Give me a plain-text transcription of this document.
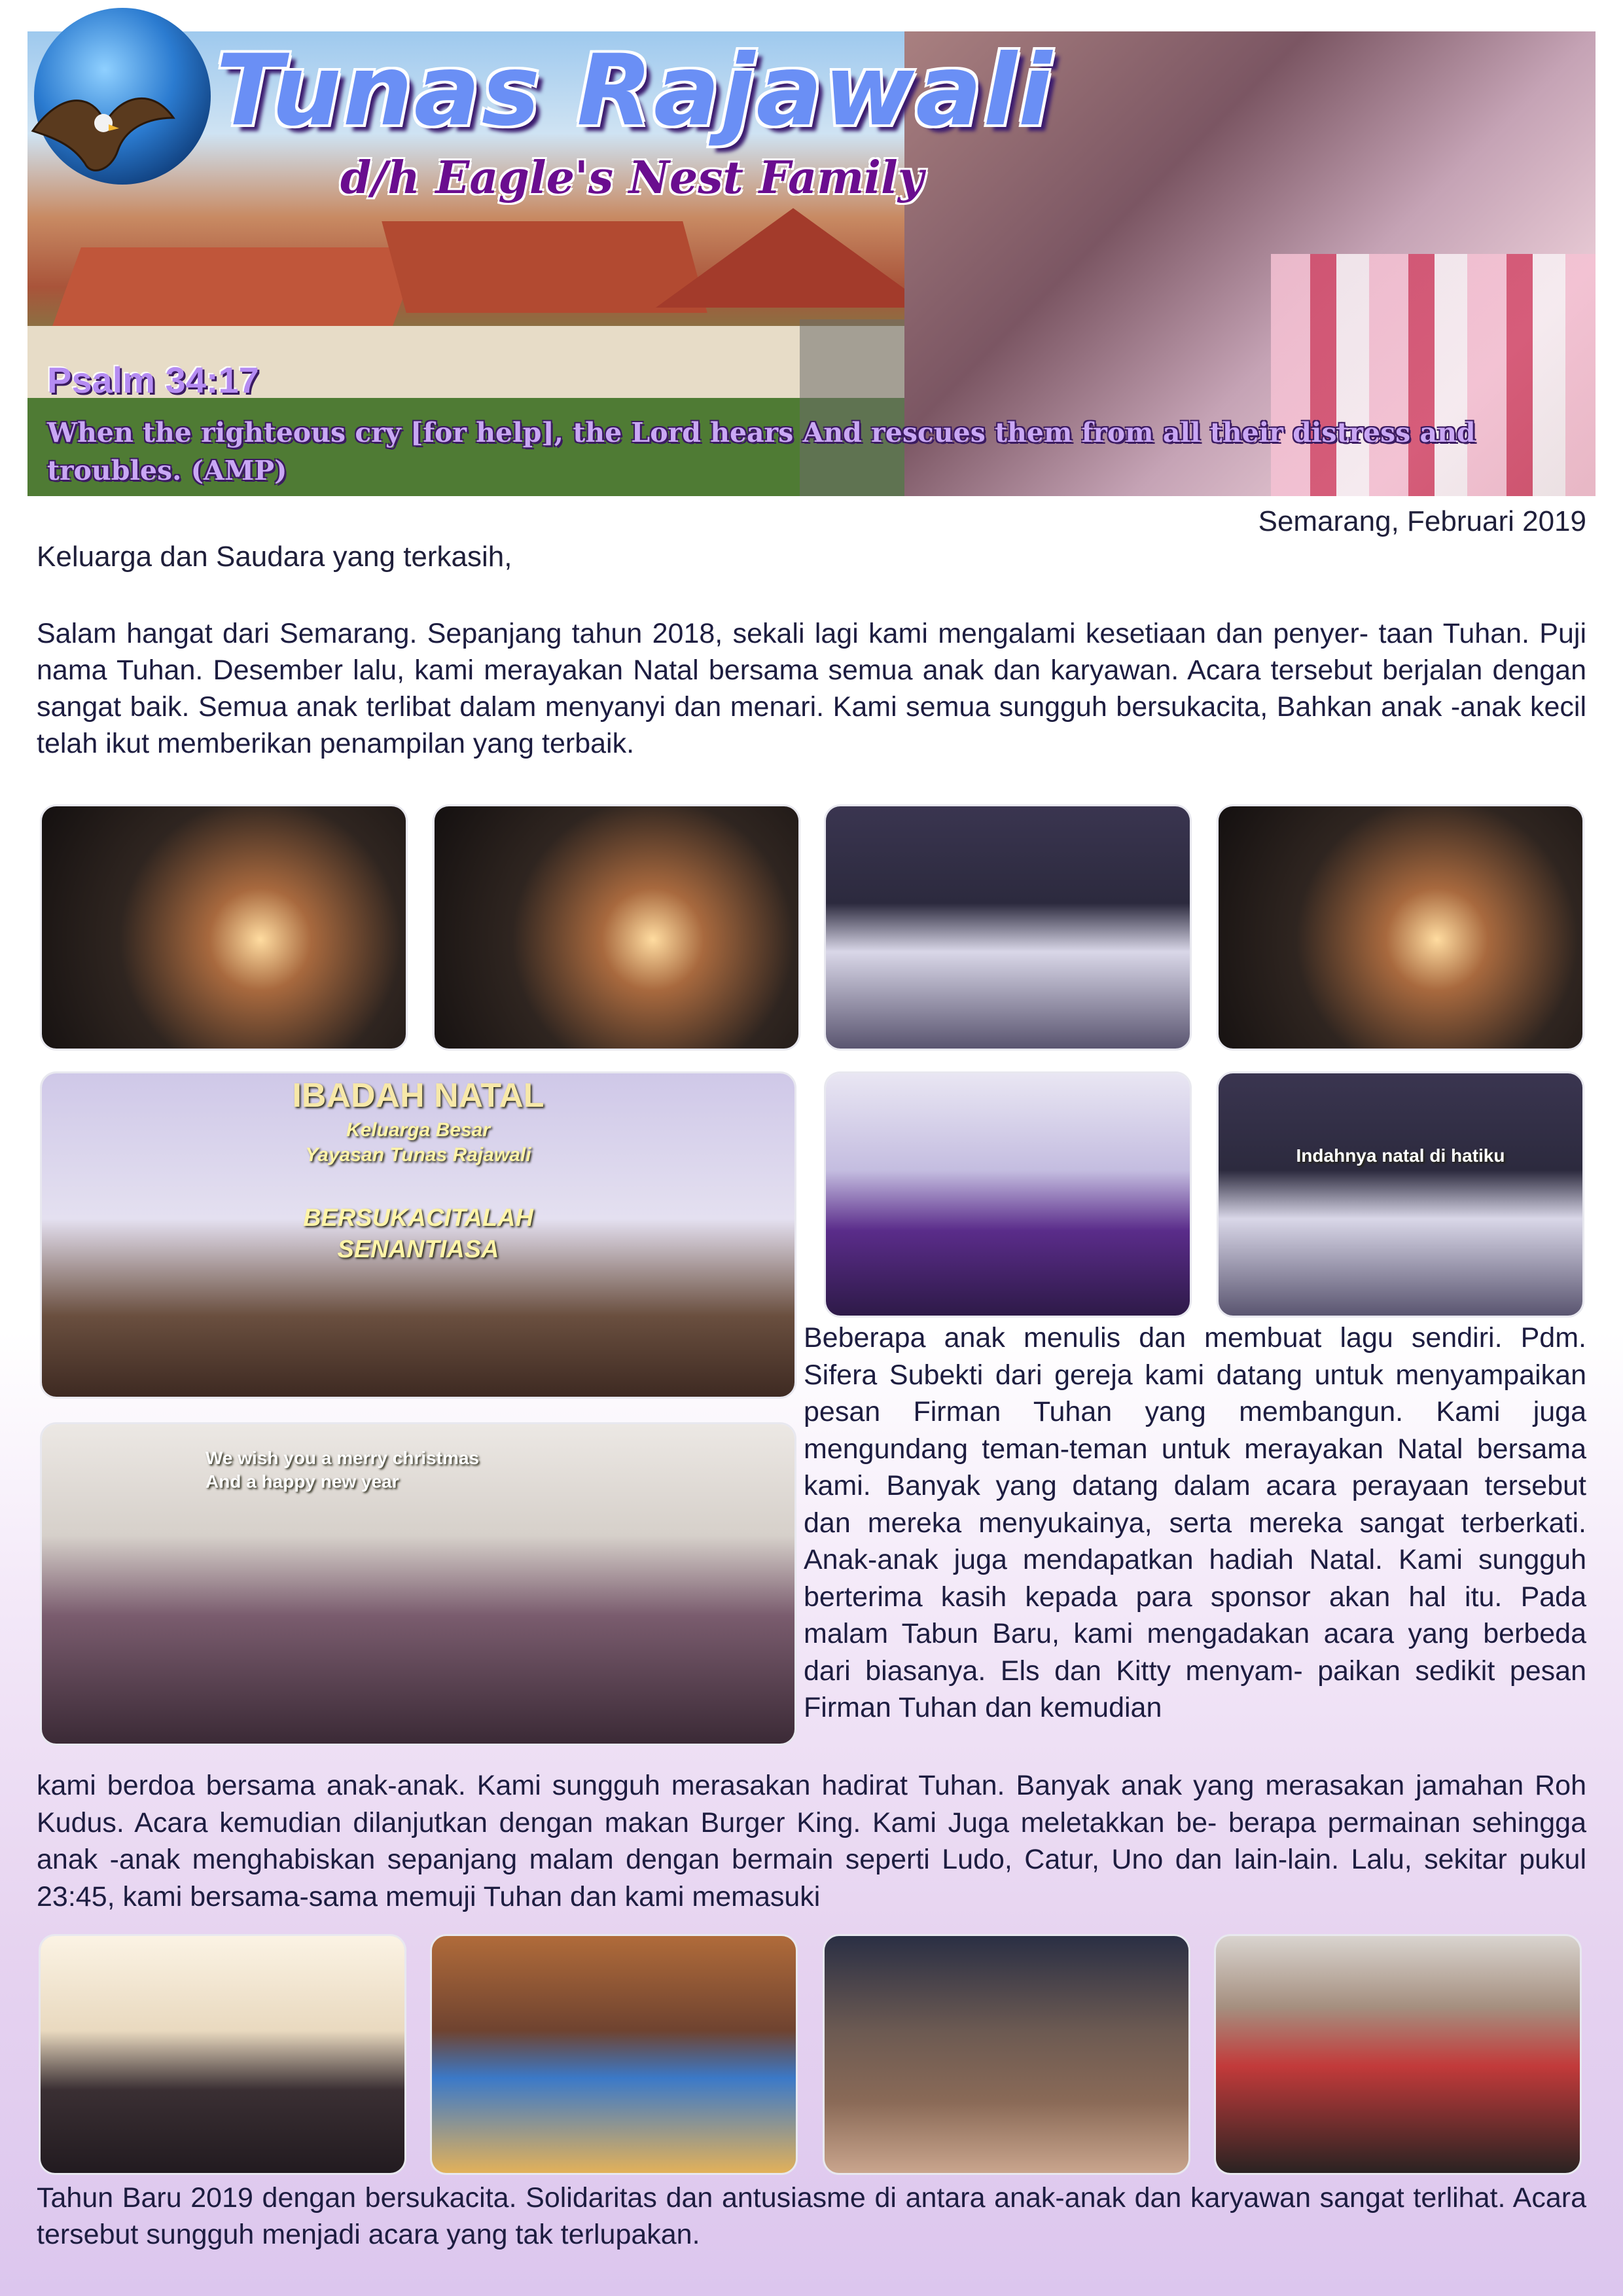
Tunas Rajawali
d/h Eagle's Nest Family
Psalm 34:17
When the righteous cry [for help], the Lord hears And rescues them from all their distress and troubles. (AMP)
Semarang, Februari 2019
Keluarga dan Saudara yang terkasih,
Salam hangat dari Semarang. Sepanjang tahun 2018, sekali lagi kami mengalami kesetiaan dan penyer- taan Tuhan. Puji nama Tuhan. Desember lalu, kami merayakan Natal bersama semua anak dan karyawan. Acara tersebut berjalan dengan sangat baik. Semua anak terlibat dalam menyanyi dan menari. Kami semua sungguh bersukacita, Bahkan anak -anak kecil telah ikut memberikan penampilan yang terbaik.
IBADAH NATAL
Keluarga Besar
Yayasan Tunas Rajawali
BERSUKACITALAH
SENANTIASA
Indahnya natal di hatiku
We wish you a merry christmas
And a happy new year
Beberapa anak menulis dan membuat lagu sendiri. Pdm. Sifera Subekti dari gereja kami datang untuk menyampaikan pesan Firman Tuhan yang membangun. Kami juga mengundang teman-teman untuk merayakan Natal bersama kami. Banyak yang datang dalam acara perayaan tersebut dan mereka menyukainya, serta mereka sangat terberkati. Anak-anak juga mendapatkan hadiah Natal. Kami sungguh berterima kasih kepada para sponsor akan hal itu. Pada malam Tabun Baru, kami mengadakan acara yang berbeda dari biasanya. Els dan Kitty menyam- paikan sedikit pesan Firman Tuhan dan kemudian
kami berdoa bersama anak-anak. Kami sungguh merasakan hadirat Tuhan. Banyak anak yang merasakan jamahan Roh Kudus. Acara kemudian dilanjutkan dengan makan Burger King. Kami Juga meletakkan be- berapa permainan sehingga anak -anak menghabiskan sepanjang malam dengan bermain seperti Ludo, Catur, Uno dan lain-lain. Lalu, sekitar pukul 23:45, kami bersama-sama memuji Tuhan dan kami memasuki
Tahun Baru 2019 dengan bersukacita. Solidaritas dan antusiasme di antara anak-anak dan karyawan sangat terlihat. Acara tersebut sungguh menjadi acara yang tak terlupakan.
